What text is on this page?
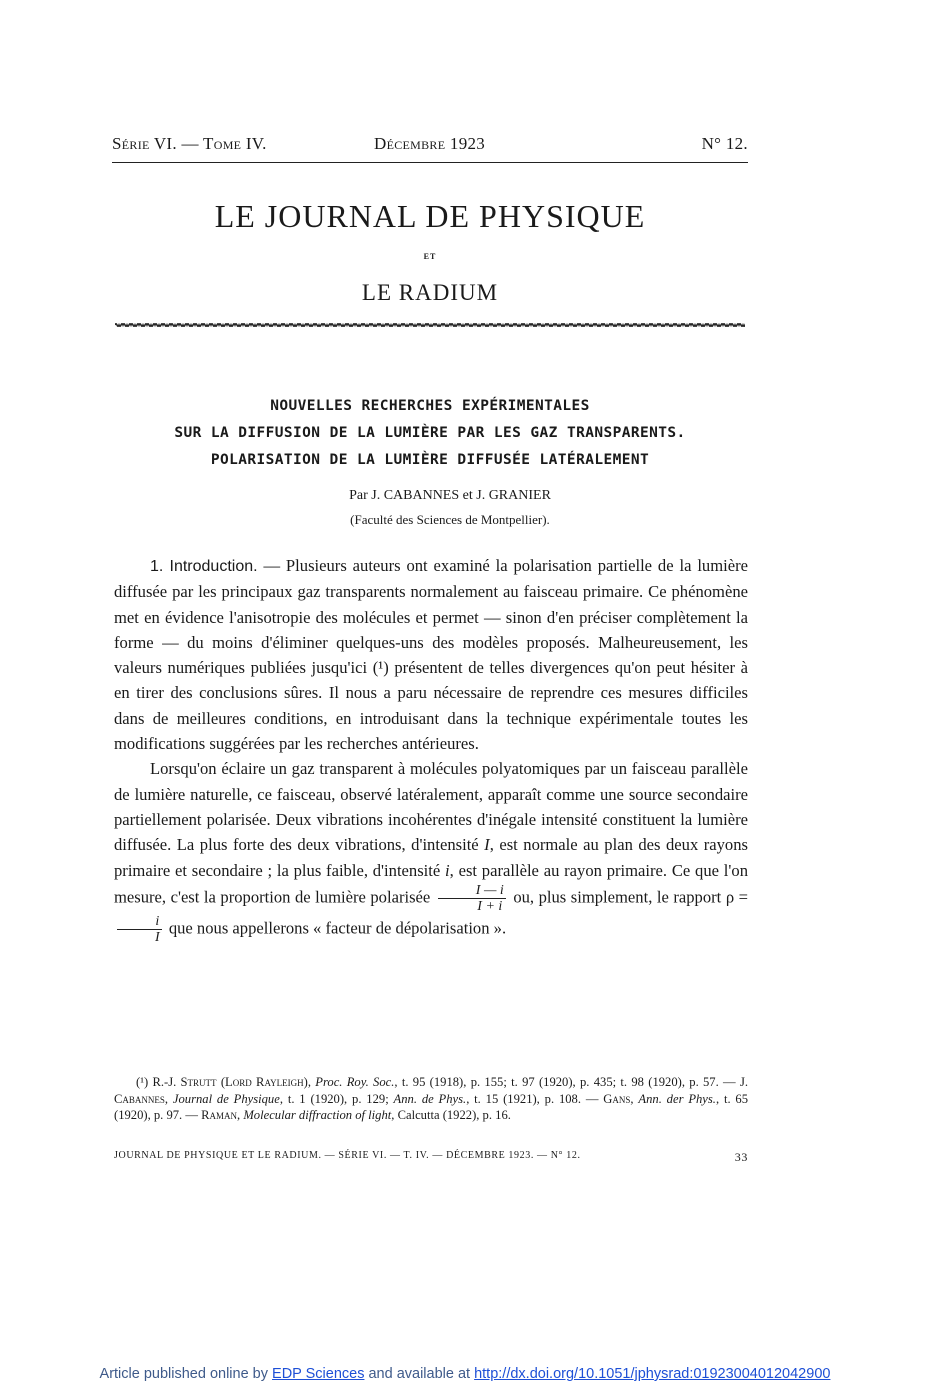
Série VI. — Tome IV.	Décembre 1923	N° 12.
LE JOURNAL DE PHYSIQUE
ET
LE RADIUM
NOUVELLES RECHERCHES EXPÉRIMENTALES
SUR LA DIFFUSION DE LA LUMIÈRE PAR LES GAZ TRANSPARENTS.
POLARISATION DE LA LUMIÈRE DIFFUSÉE LATÉRALEMENT
Par J. CABANNES et J. GRANIER
(Faculté des Sciences de Montpellier).

1. Introduction. — Plusieurs auteurs ont examiné la polarisation partielle de la lumière diffusée par les principaux gaz transparents normalement au faisceau primaire. Ce phénomène met en évidence l'anisotropie des molécules et permet — sinon d'en préciser complètement la forme — du moins d'éliminer quelques-uns des modèles proposés. Malheureusement, les valeurs numériques publiées jusqu'ici (¹) présentent de telles divergences qu'on peut hésiter à en tirer des conclusions sûres. Il nous a paru nécessaire de reprendre ces mesures difficiles dans de meilleures conditions, en introduisant dans la technique expérimentale toutes les modifications suggérées par les recherches antérieures.

Lorsqu'on éclaire un gaz transparent à molécules polyatomiques par un faisceau parallèle de lumière naturelle, ce faisceau, observé latéralement, apparaît comme une source secondaire partiellement polarisée. Deux vibrations incohérentes d'inégale intensité constituent la lumière diffusée. La plus forte des deux vibrations, d'intensité I, est normale au plan des deux rayons primaire et secondaire ; la plus faible, d'intensité i, est parallèle au rayon primaire. Ce que l'on mesure, c'est la proportion de lumière polarisée $\frac{I — i}{I + i}$ ou, plus simplement, le rapport ρ =
$\frac{i}{I}$ que nous appellerons « facteur de dépolarisation ».

(¹) R.-J. Strutt (Lord Rayleigh), Proc. Roy. Soc., t. 95 (1918), p. 155; t. 97 (1920), p. 435; t. 98 (1920), p. 57. — J. Cabannes, Journal de Physique, t. 1 (1920), p. 129; Ann. de Phys., t. 15 (1921), p. 108. — Gans, Ann. der Phys., t. 65 (1920), p. 97. — Raman, Molecular diffraction of light, Calcutta (1922), p. 16.
JOURNAL DE PHYSIQUE ET LE RADIUM. — SÉRIE VI. — T. IV. — DÉCEMBRE 1923. — N° 12.	33
Article published online by EDP Sciences and available at http://dx.doi.org/10.1051/jphysrad:01923004012042900
